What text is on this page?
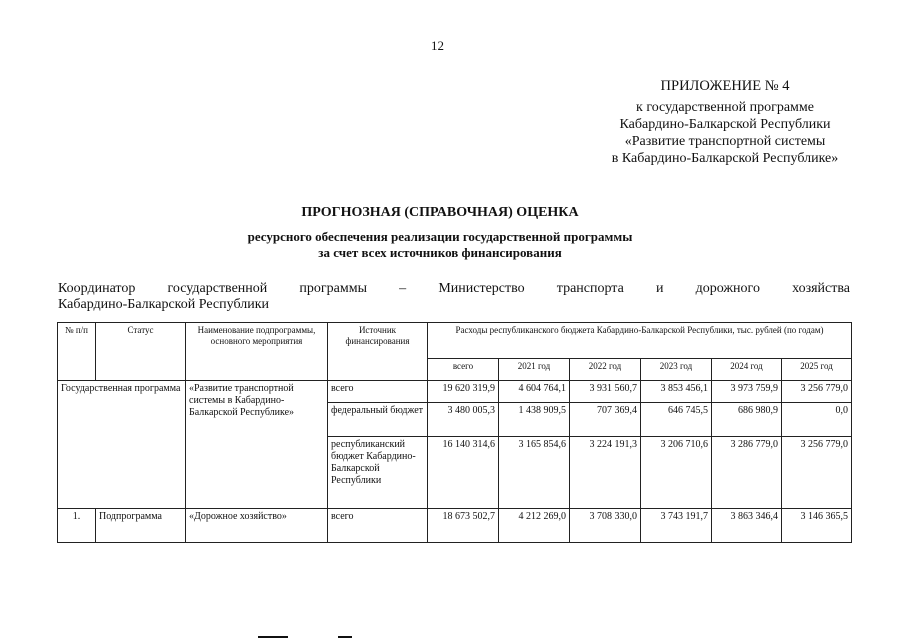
12
ПРИЛОЖЕНИЕ № 4
к государственной программе
Кабардино-Балкарской Республики
«Развитие транспортной системы
в Кабардино-Балкарской Республике»
ПРОГНОЗНАЯ (СПРАВОЧНАЯ) ОЦЕНКА
ресурсного обеспечения реализации государственной программы
за счет всех источников финансирования
Координатор государственной программы – Министерство транспорта и дорожного хозяйства
Кабардино-Балкарской Республики
№ п/п	Статус	Наименование подпрограммы, основного мероприятия	Источник финансирования	Расходы республиканского бюджета Кабардино-Балкарской Республики, тыс. рублей (по годам)					
				всего	2021 год	2022 год	2023 год	2024 год	2025 год
Государственная программа		«Развитие транспортной системы в Кабардино-Балкарской Республике»	всего	19 620 319,9	4 604 764,1	3 931 560,7	3 853 456,1	3 973 759,9	3 256 779,0
			федеральный бюджет	3 480 005,3	1 438 909,5	707 369,4	646 745,5	686 980,9	0,0
			республиканский бюджет Кабардино-Балкарской Республики	16 140 314,6	3 165 854,6	3 224 191,3	3 206 710,6	3 286 779,0	3 256 779,0
1.	Подпрограмма	«Дорожное хозяйство»	всего	18 673 502,7	4 212 269,0	3 708 330,0	3 743 191,7	3 863 346,4	3 146 365,5
